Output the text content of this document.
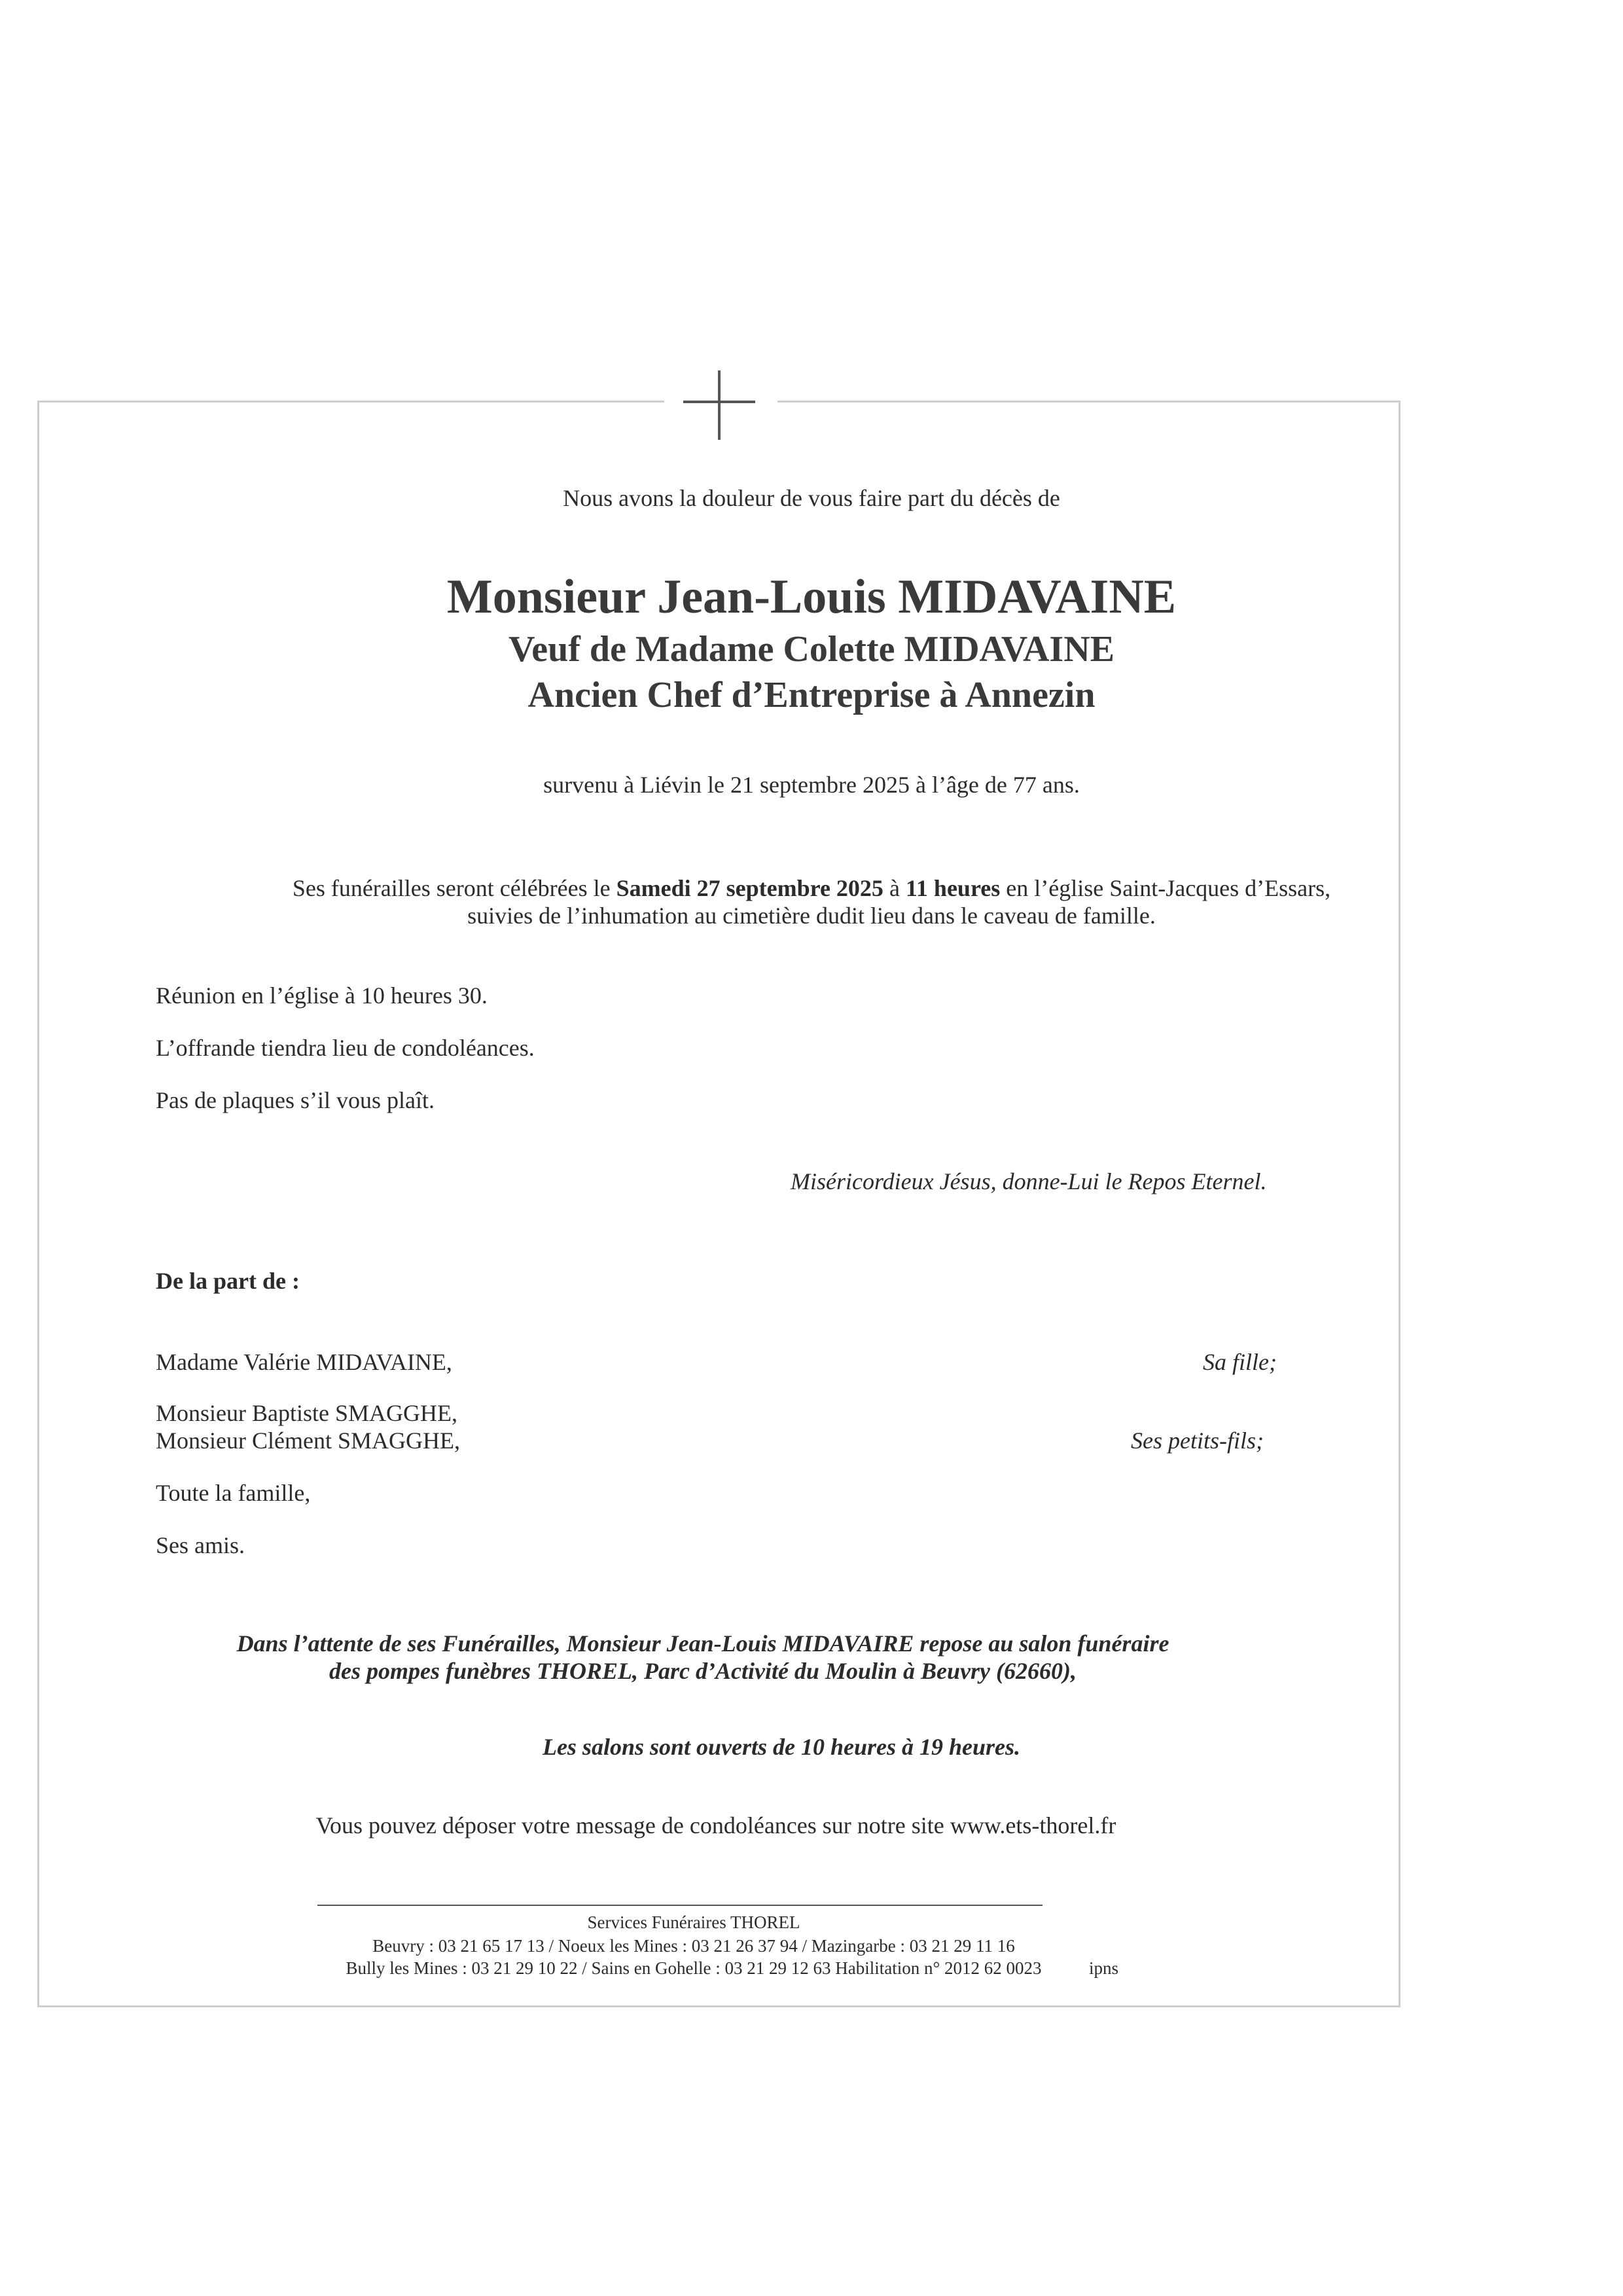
Nous avons la douleur de vous faire part du décès de
Monsieur Jean-Louis MIDAVAINE
Veuf de Madame Colette MIDAVAINE
Ancien Chef d’Entreprise à Annezin
survenu à Liévin le 21 septembre 2025 à l’âge de 77 ans.
Ses funérailles seront célébrées le Samedi 27 septembre 2025 à 11 heures en l’église Saint-Jacques d’Essars,
suivies de l’inhumation au cimetière dudit lieu dans le caveau de famille.
Réunion en l’église à 10 heures 30.
L’offrande tiendra lieu de condoléances.
Pas de plaques s’il vous plaît.
Miséricordieux Jésus, donne-Lui le Repos Eternel.
De la part de :
Madame Valérie MIDAVAINE,	Sa fille;
Monsieur Baptiste SMAGGHE,
Monsieur Clément SMAGGHE,	Ses petits-fils;
Toute la famille,
Ses amis.
Dans l’attente de ses Funérailles, Monsieur Jean-Louis MIDAVAIRE repose au salon funéraire
des pompes funèbres THOREL, Parc d’Activité du Moulin à Beuvry (62660),
Les salons sont ouverts de 10 heures à 19 heures.
Vous pouvez déposer votre message de condoléances sur notre site www.ets-thorel.fr
Services Funéraires THOREL
Beuvry : 03 21 65 17 13 / Noeux les Mines : 03 21 26 37 94 / Mazingarbe : 03 21 29 11 16
Bully les Mines : 03 21 29 10 22 / Sains en Gohelle : 03 21 29 12 63 Habilitation n° 2012 62 0023	ipns
